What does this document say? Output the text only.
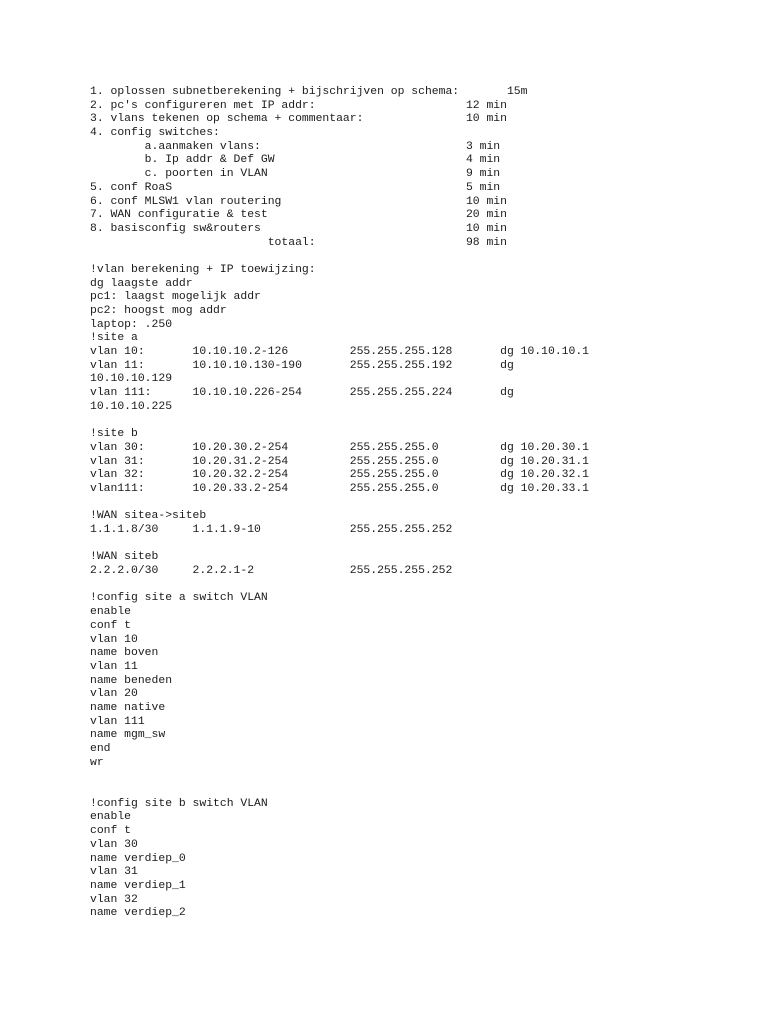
1. oplossen subnetberekening + bijschrijven op schema:       15m
2. pc's configureren met IP addr:                      12 min
3. vlans tekenen op schema + commentaar:               10 min
4. config switches:
a.aanmaken vlans:                              3 min
b. Ip addr & Def GW                            4 min
c. poorten in VLAN                             9 min
5. conf RoaS                                           5 min
6. conf MLSW1 vlan routering                           10 min
7. WAN configuratie & test                             20 min
8. basisconfig sw&routers                              10 min
totaal:                      98 min
!vlan berekening + IP toewijzing:
dg laagste addr
pc1: laagst mogelijk addr
pc2: hoogst mog addr
laptop: .250
!site a
vlan 10:       10.10.10.2-126         255.255.255.128       dg 10.10.10.1
vlan 11:       10.10.10.130-190       255.255.255.192       dg
10.10.10.129
vlan 111:      10.10.10.226-254       255.255.255.224       dg
10.10.10.225
!site b
vlan 30:       10.20.30.2-254         255.255.255.0         dg 10.20.30.1
vlan 31:       10.20.31.2-254         255.255.255.0         dg 10.20.31.1
vlan 32:       10.20.32.2-254         255.255.255.0         dg 10.20.32.1
vlan111:       10.20.33.2-254         255.255.255.0         dg 10.20.33.1
!WAN sitea->siteb
1.1.1.8/30     1.1.1.9-10             255.255.255.252
!WAN siteb
2.2.2.0/30     2.2.2.1-2              255.255.255.252
!config site a switch VLAN
enable
conf t
vlan 10
name boven
vlan 11
name beneden
vlan 20
name native
vlan 111
name mgm_sw
end
wr
!config site b switch VLAN
enable
conf t
vlan 30
name verdiep_0
vlan 31
name verdiep_1
vlan 32
name verdiep_2
